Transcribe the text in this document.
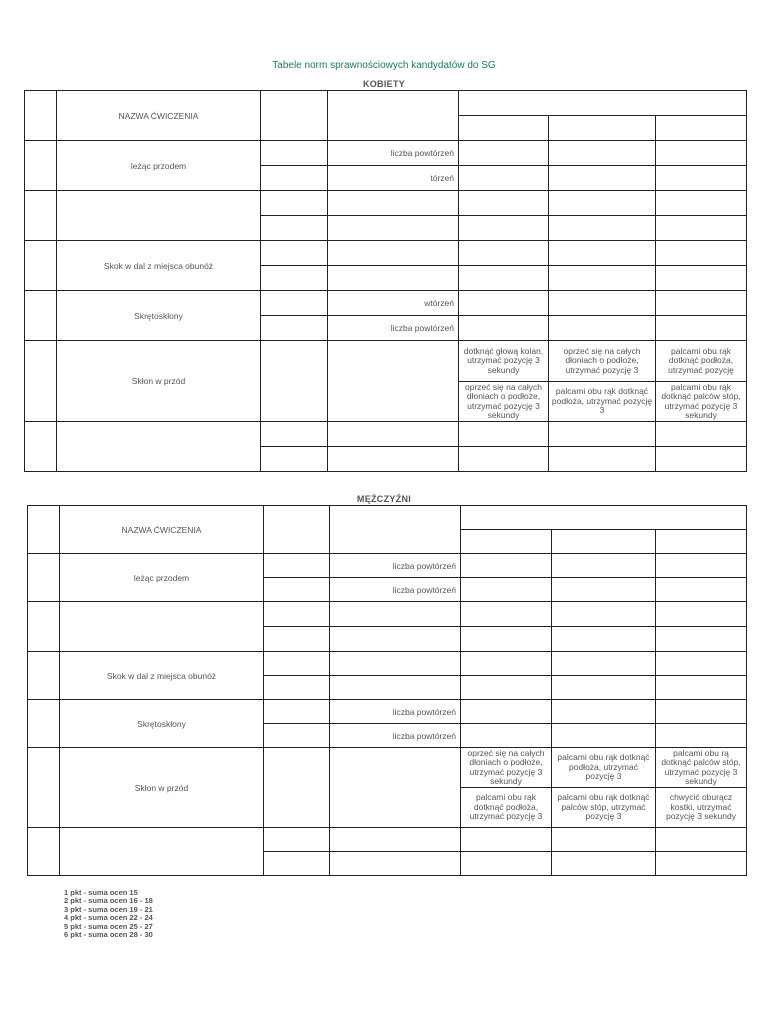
Tabele norm sprawnościowych kandydatów do SG
KOBIETY
	NAZWA ĆWICZENIA					

	leżąc przodem		liczba powtórzeń			
			tórzeń			

	Skok w dal z miejsca obunóż					

	Skrętoskłony		wtórzeń			
			liczba powtórzeń			
	Skłon w przód			dotknąć głową kolan, utrzymać pozycję 3 sekundy	oprzeć się na całych dłoniach o podłoże, utrzymać pozycję 3	palcami obu rąk dotknąć podłoża, utrzymać pozycję
				oprzeć się na całych dłoniach o podłoże, utrzymać pozycję 3 sekundy	palcami obu rąk dotknąć podłoża, utrzymać pozycję 3	palcami obu rąk dotknąć palców stóp, utrzymać pozycję 3 sekundy

MĘŻCZYŹNI
	NAZWA ĆWICZENIA					

	leżąc przodem		liczba powtórzeń			
			liczba powtórzeń			

	Skok w dal z miejsca obunóż					

	Skrętoskłony		liczba powtórzeń			
			liczba powtórzeń			
	Skłon w przód			oprzeć się na całych dłoniach o podłoże, utrzymać pozycję 3 sekundy	palcami obu rąk dotknąć podłoża, utrzymać pozycję 3	palcami obu rą dotknąć palców stóp, utrzymać pozycję 3 sekundy
				palcami obu rąk dotknąć podłoża, utrzymać pozycję 3	palcami obu rąk dotknąć palców stóp, utrzymać pozycję 3	chwycić oburącz kostki, utrzymać pozycję 3 sekundy

1 pkt - suma ocen 15
2 pkt - suma ocen 16 - 18
3 pkt - suma ocen 19 - 21
4 pkt - suma ocen 22 - 24
5 pkt - suma ocen 25 - 27
6 pkt - suma ocen 28 - 30
